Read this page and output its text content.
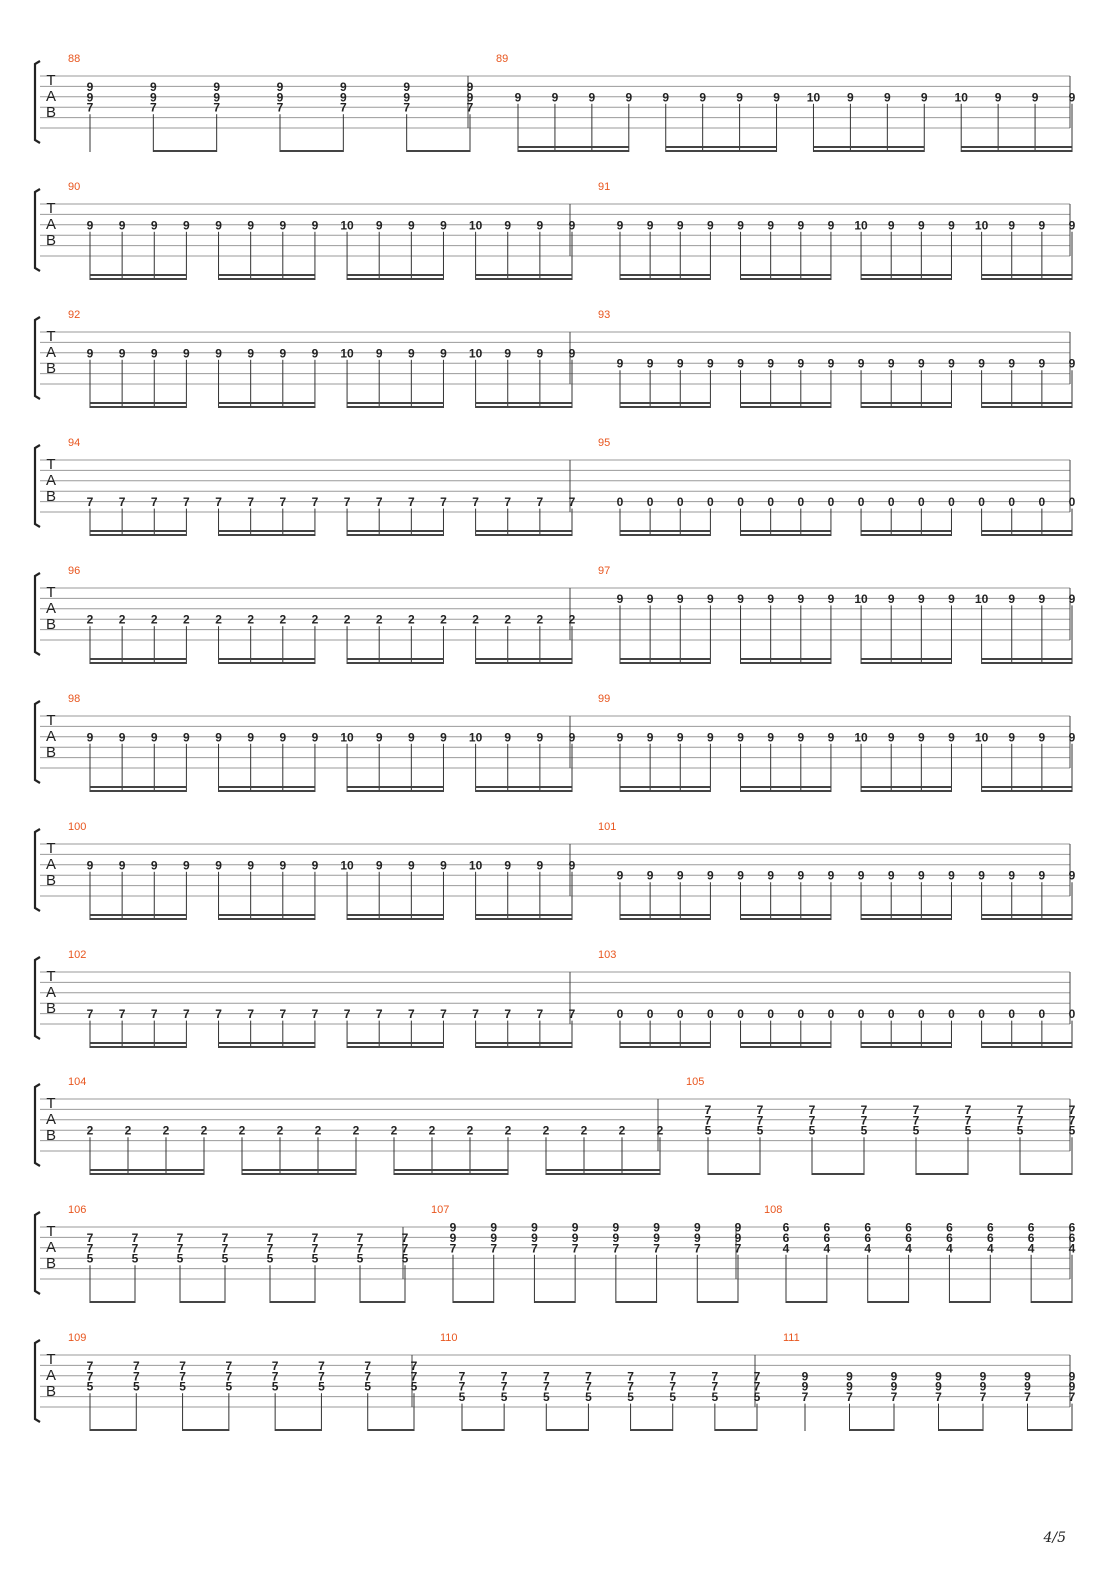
T
A
B
88
9
9
7
9
9
7
9
9
7
9
9
7
9
9
7
9
9
7
9
9
7
89
9	9	9	9	9	9	9	9 10 9	9	9 10 9	9	9
T
A
B
90
9 9 9 9 9 9 9 9 10 9 9 9 10 9 9 9
91
9 9 9 9 9 9 9 9 10 9 9 9 10 9 9 9
T
A
B
92
9 9 9 9 9 9 9 9 10 9 9 9 10 9 9 9
93
9 9 9 9 9 9 9 9 9 9 9 9 9 9 9 9
T
A
B
94
7 7 7 7 7 7 7 7 7 7 7 7 7 7 7 7
95
0 0 0 0 0 0 0 0 0 0 0 0 0 0 0 0
T
A
B
96
2 2 2 2 2 2 2 2 2 2 2 2 2 2 2 2
97
9 9 9 9 9 9 9 9 10 9 9 9 10 9 9 9
T
A
B
98
9 9 9 9 9 9 9 9 10 9 9 9 10 9 9 9
99
9 9 9 9 9 9 9 9 10 9 9 9 10 9 9 9
T
A
B
100
9 9 9 9 9 9 9 9 10 9 9 9 10 9 9 9
101
9 9 9 9 9 9 9 9 9 9 9 9 9 9 9 9
T
A
B
102
7 7 7 7 7 7 7 7 7 7 7 7 7 7 7 7
103
0 0 0 0 0 0 0 0 0 0 0 0 0 0 0 0
T
A
B
104
2	2	2	2	2	2	2	2	2	2	2	2	2	2	2	2
105
7
7
5
7
7
5
7
7
5
7
7
5
7
7
5
7
7
5
7
7
5
7
7
5
T
A
B
106
7
7
5
7
7
5
7
7
5
7
7
5
7
7
5
7
7
5
7
7
5
7
7
5
107
9
9
7
9
9
7
9
9
7
9
9
7
9
9
7
9
9
7
9
9
7
9
9
7
108
6
6
4
6
6
4
6
6
4
6
6
4
6
6
4
6
6
4
6
6
4
6
6
4
T
A
B
109
7
7
5
7
7
5
7
7
5
7
7
5
7
7
5
7
7
5
7
7
5
7
7
5
110
7
7
5
7
7
5
7
7
5
7
7
5
7
7
5
7
7
5
7
7
5
7
7
5
111
9
9
7
9
9
7
9
9
7
9
9
7
9
9
7
9
9
7
9
9
7
4/5
